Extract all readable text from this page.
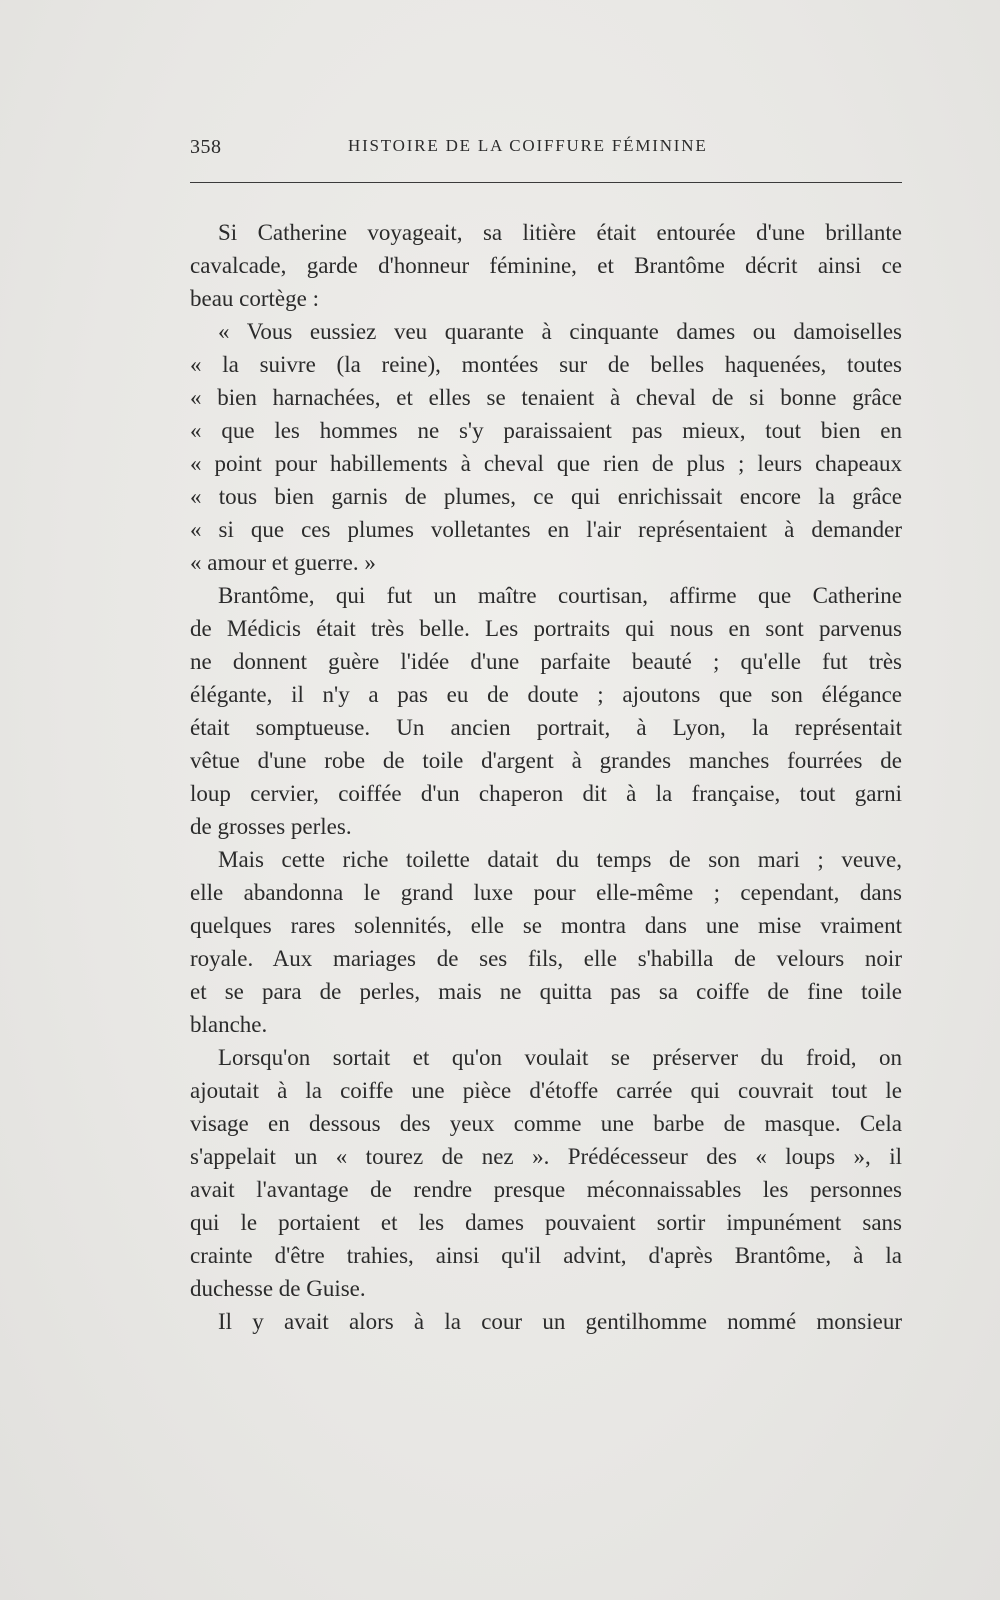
358	HISTOIRE DE LA COIFFURE FÉMININE
Si Catherine voyageait, sa litière était entourée d'une brillante
cavalcade, garde d'honneur féminine, et Brantôme décrit ainsi ce
beau cortège :
« Vous eussiez veu quarante à cinquante dames ou damoiselles
« la suivre (la reine), montées sur de belles haquenées, toutes
« bien harnachées, et elles se tenaient à cheval de si bonne grâce
« que les hommes ne s'y paraissaient pas mieux, tout bien en
« point pour habillements à cheval que rien de plus ; leurs chapeaux
« tous bien garnis de plumes, ce qui enrichissait encore la grâce
« si que ces plumes volletantes en l'air représentaient à demander
« amour et guerre. »
Brantôme, qui fut un maître courtisan, affirme que Catherine
de Médicis était très belle. Les portraits qui nous en sont parvenus
ne donnent guère l'idée d'une parfaite beauté ; qu'elle fut très
élégante, il n'y a pas eu de doute ; ajoutons que son élégance
était somptueuse. Un ancien portrait, à Lyon, la représentait
vêtue d'une robe de toile d'argent à grandes manches fourrées de
loup cervier, coiffée d'un chaperon dit à la française, tout garni
de grosses perles.
Mais cette riche toilette datait du temps de son mari ; veuve,
elle abandonna le grand luxe pour elle-même ; cependant, dans
quelques rares solennités, elle se montra dans une mise vraiment
royale. Aux mariages de ses fils, elle s'habilla de velours noir
et se para de perles, mais ne quitta pas sa coiffe de fine toile
blanche.
Lorsqu'on sortait et qu'on voulait se préserver du froid, on
ajoutait à la coiffe une pièce d'étoffe carrée qui couvrait tout le
visage en dessous des yeux comme une barbe de masque. Cela
s'appelait un « tourez de nez ». Prédécesseur des « loups », il
avait l'avantage de rendre presque méconnaissables les personnes
qui le portaient et les dames pouvaient sortir impunément sans
crainte d'être trahies, ainsi qu'il advint, d'après Brantôme, à la
duchesse de Guise.
Il y avait alors à la cour un gentilhomme nommé monsieur
